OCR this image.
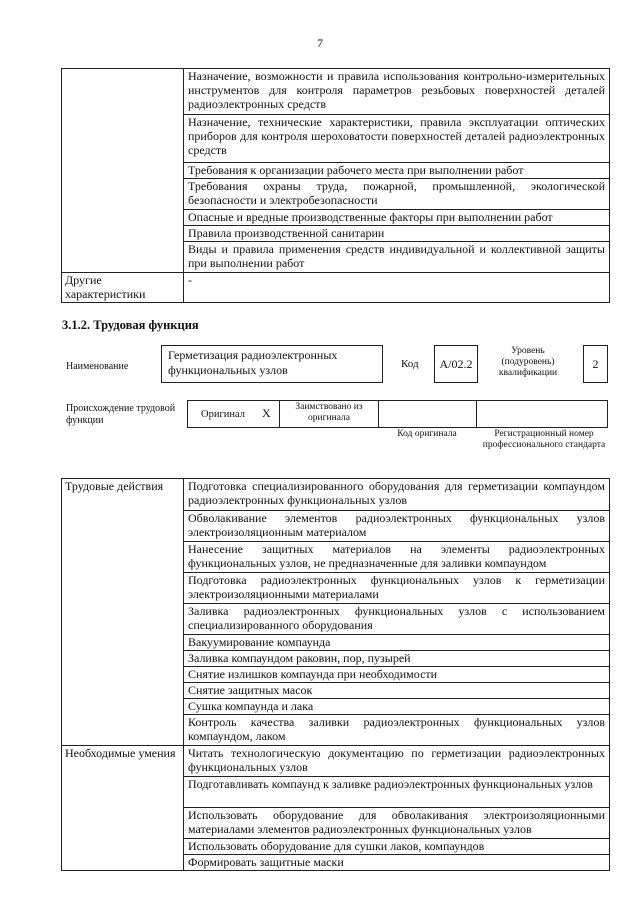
7
	Назначение, возможности и правила использования контрольно-измерительных инструментов для контроля параметров резьбовых поверхностей деталей радиоэлектронных средств
	Назначение, технические характеристики, правила эксплуатации оптических приборов для контроля шероховатости поверхностей деталей радиоэлектронных средств
	Требования к организации рабочего места при выполнении работ
	Требования охраны труда, пожарной, промышленной, экологической безопасности и электробезопасности
	Опасные и вредные производственные факторы при выполнении работ
	Правила производственной санитарии
	Виды и правила применения средств индивидуальной и коллективной защиты при выполнении работ
Другие характеристики	-
3.1.2. Трудовая функция
Наименование
Герметизация радиоэлектронных функциональных узлов	Код	А/02.2
Уровень (подуровень) квалификации
2
Происхождение трудовой функции
Оригинал X	Заимствовано из оригинала
Код оригинала	Регистрационный номер профессионального стандарта
Трудовые действия	Подготовка специализированного оборудования для герметизации компаундом радиоэлектронных функциональных узлов
	Обволакивание элементов радиоэлектронных функциональных узлов электроизоляционным материалом
	Нанесение защитных материалов на элементы радиоэлектронных функциональных узлов, не предназначенные для заливки компаундом
	Подготовка радиоэлектронных функциональных узлов к герметизации электроизоляционными материалами
	Заливка радиоэлектронных функциональных узлов с использованием специализированного оборудования
	Вакуумирование компаунда
	Заливка компаундом раковин, пор, пузырей
	Снятие излишков компаунда при необходимости
	Снятие защитных масок
	Сушка компаунда и лака
	Контроль качества заливки радиоэлектронных функциональных узлов компаундом, лаком
Необходимые умения	Читать технологическую документацию по герметизации радиоэлектронных функциональных узлов
	Подготавливать компаунд к заливке радиоэлектронных функциональных узлов
	Использовать оборудование для обволакивания электроизоляционными материалами элементов радиоэлектронных функциональных узлов
	Использовать оборудование для сушки лаков, компаундов
	Формировать защитные маски
